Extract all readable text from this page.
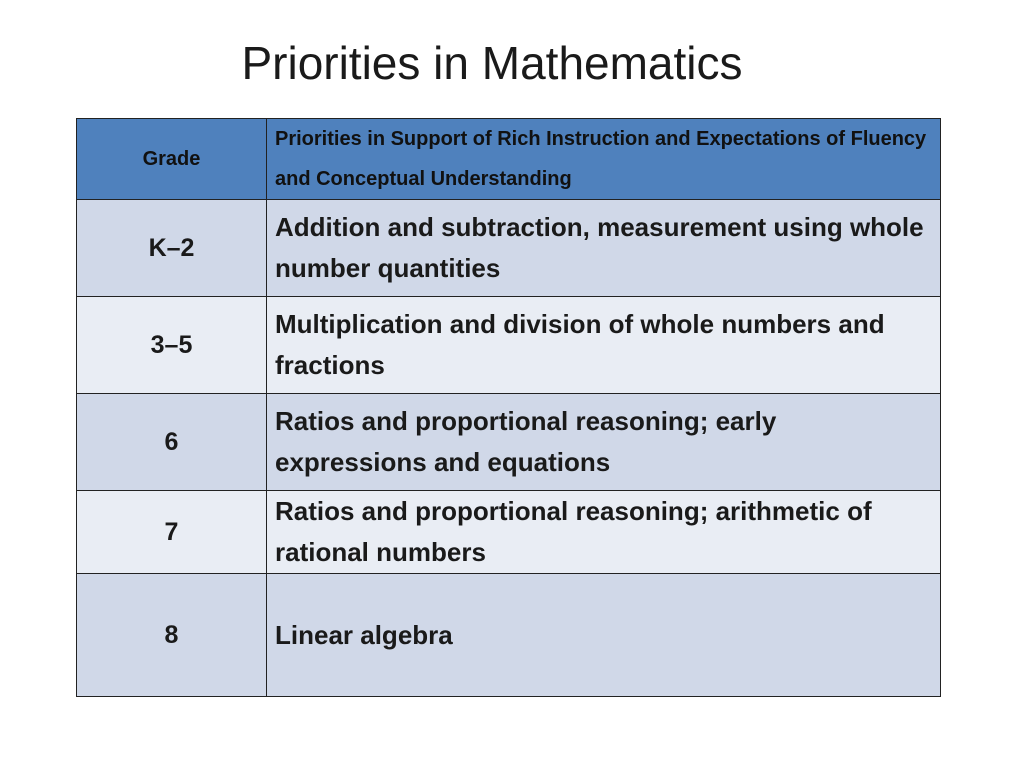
Priorities in Mathematics
Grade	Priorities in Support of Rich Instruction and Expectations of Fluency and Conceptual Understanding
K–2	Addition and subtraction, measurement using whole number quantities
3–5	Multiplication and division of whole numbers and fractions
6	Ratios and proportional reasoning; early expressions and equations
7	Ratios and proportional reasoning; arithmetic of rational numbers
8	Linear algebra
